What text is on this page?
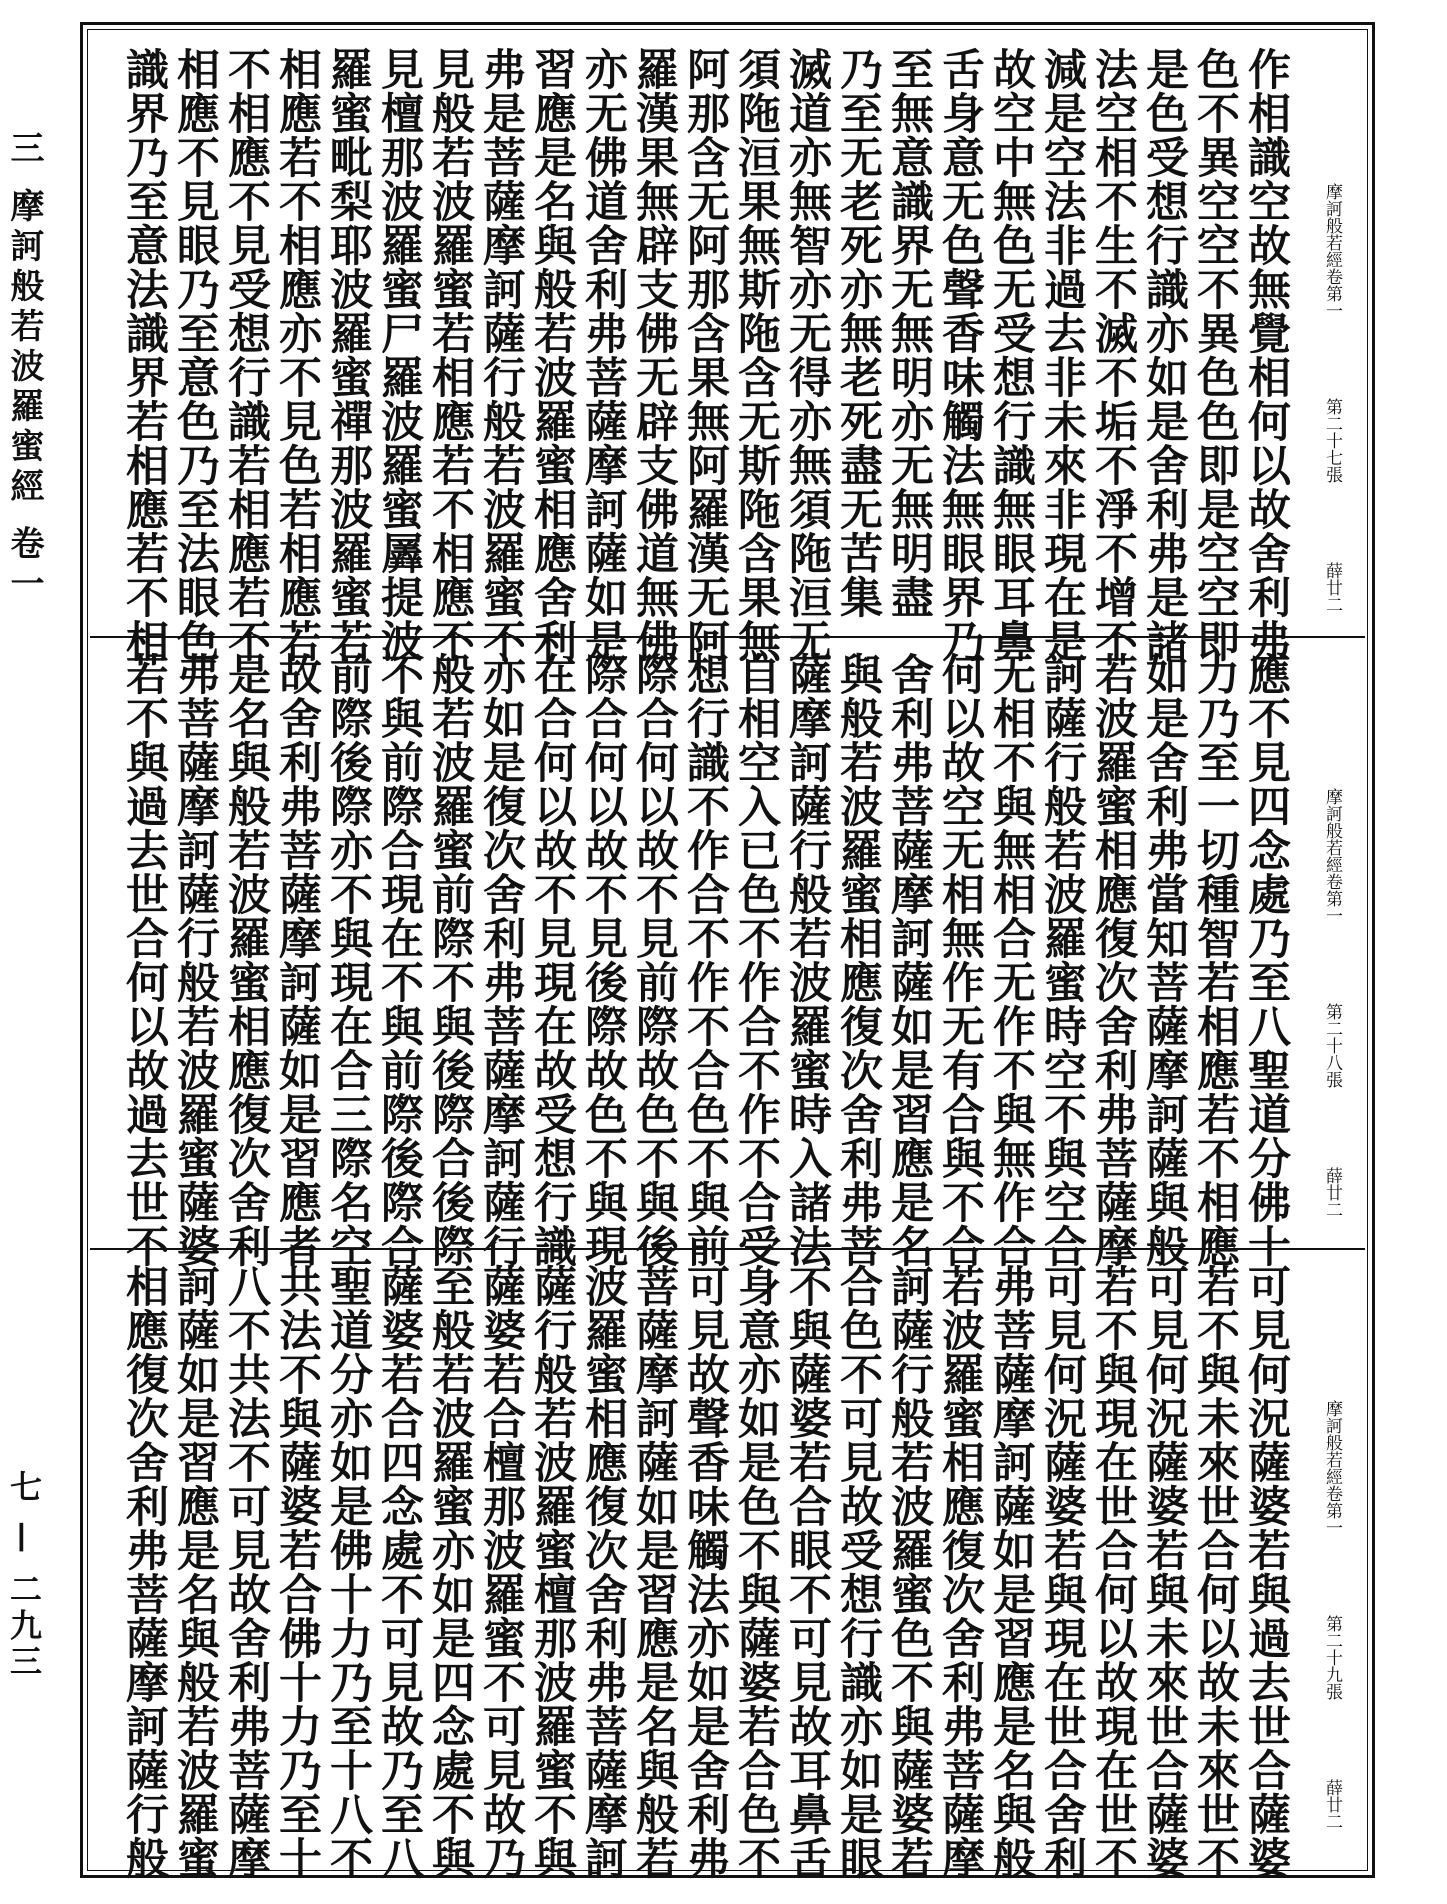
三 摩訶般若波羅蜜經 卷一
七 — 二九三
摩訶般若經卷第一
第二十七張
薛廿二
作相識空故無覺相何以故舍利弗
色不異空空不異色色即是空空即
是色受想行識亦如是舍利弗是諸
法空相不生不滅不垢不淨不增不
減是空法非過去非未來非現在是
故空中無色无受想行識無眼耳鼻
舌身意无色聲香味觸法無眼界乃
至無意識界无無明亦无無明盡
乃至无老死亦無老死盡无苦集
滅道亦無智亦无得亦無須陁洹无
須陁洹果無斯陁含无斯陁含果無
阿那含无阿那含果無阿羅漢无阿
羅漢果無辟支佛无辟支佛道無佛
亦无佛道舍利弗菩薩摩訶薩如是
習應是名與般若波羅蜜相應舍利
弗是菩薩摩訶薩行般若波羅蜜不
見般若波羅蜜若相應若不相應不
見檀那波羅蜜尸羅波羅蜜羼提波
羅蜜毗梨耶波羅蜜禪那波羅蜜若
相應若不相應亦不見色若相應若
不相應不見受想行識若相應若不
相應不見眼乃至意色乃至法眼色
識界乃至意法識界若相應若不相
摩訶般若經卷第一
第二十八張
薛廿二
應不見四念處乃至八聖道分佛十
力乃至一切種智若相應若不相應
如是舍利弗當知菩薩摩訶薩與般
若波羅蜜相應復次舍利弗菩薩摩
訶薩行般若波羅蜜時空不與空合
无相不與無相合无作不與無作合
何以故空无相無作无有合與不合
舍利弗菩薩摩訶薩如是習應是名
與般若波羅蜜相應復次舍利弗菩
薩摩訶薩行般若波羅蜜時入諸法
自相空入已色不作合不作不合受
想行識不作合不作不合色不與前
際合何以故不見前際故色不與後
際合何以故不見後際故色不與現
在合何以故不見現在故受想行識
亦如是復次舍利弗菩薩摩訶薩行
般若波羅蜜前際不與後際合後際
不與前際合現在不與前際後際合
前際後際亦不與現在合三際名空
故舍利弗菩薩摩訶薩如是習應者
是名與般若波羅蜜相應復次舍利
弗菩薩摩訶薩行般若波羅蜜薩婆
若不與過去世合何以故過去世不
摩訶般若經卷第一
第二十九張
薛廿二
可見何況薩婆若與過去世合薩婆
若不與未來世合何以故未來世不
可見何況薩婆若與未來世合薩婆
若不與現在世合何以故現在世不
可見何況薩婆若與現在世合舍利
弗菩薩摩訶薩如是習應是名與般
若波羅蜜相應復次舍利弗菩薩摩
訶薩行般若波羅蜜色不與薩婆若
合色不可見故受想行識亦如是眼
不與薩婆若合眼不可見故耳鼻舌
身意亦如是色不與薩婆若合色不
可見故聲香味觸法亦如是舍利弗
菩薩摩訶薩如是習應是名與般若
波羅蜜相應復次舍利弗菩薩摩訶
薩行般若波羅蜜檀那波羅蜜不與
薩婆若合檀那波羅蜜不可見故乃
至般若波羅蜜亦如是四念處不與
薩婆若合四念處不可見故乃至八
聖道分亦如是佛十力乃至十八不
共法不與薩婆若合佛十力乃至十
八不共法不可見故舍利弗菩薩摩
訶薩如是習應是名與般若波羅蜜
相應復次舍利弗菩薩摩訶薩行般
